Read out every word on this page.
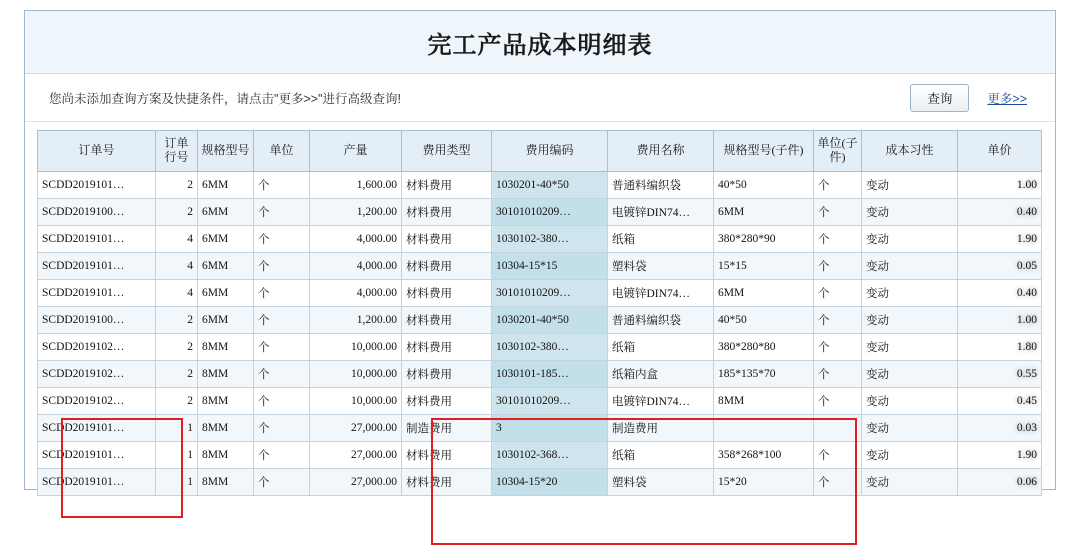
完工产品成本明细表
您尚未添加查询方案及快捷条件，请点击"更多>>"进行高级查询!	查询	更多>>
订单号	订单行号	规格型号	单位	产量	费用类型	费用编码	费用名称	规格型号(子件)	单位(子件)	成本习性	单价
SCDD2019101…	2	6MM	个	1,600.00	材料费用	1030201-40*50	普通料编织袋	40*50	个	变动	1.00
SCDD2019100…	2	6MM	个	1,200.00	材料费用	30101010209…	电镀锌DIN74…	6MM	个	变动	0.40
SCDD2019101…	4	6MM	个	4,000.00	材料费用	1030102-380…	纸箱	380*280*90	个	变动	1.90
SCDD2019101…	4	6MM	个	4,000.00	材料费用	10304-15*15	塑料袋	15*15	个	变动	0.05
SCDD2019101…	4	6MM	个	4,000.00	材料费用	30101010209…	电镀锌DIN74…	6MM	个	变动	0.40
SCDD2019100…	2	6MM	个	1,200.00	材料费用	1030201-40*50	普通料编织袋	40*50	个	变动	1.00
SCDD2019102…	2	8MM	个	10,000.00	材料费用	1030102-380…	纸箱	380*280*80	个	变动	1.80
SCDD2019102…	2	8MM	个	10,000.00	材料费用	1030101-185…	纸箱内盒	185*135*70	个	变动	0.55
SCDD2019102…	2	8MM	个	10,000.00	材料费用	30101010209…	电镀锌DIN74…	8MM	个	变动	0.45
SCDD2019101…	1	8MM	个	27,000.00	制造费用	3	制造费用			变动	0.03
SCDD2019101…	1	8MM	个	27,000.00	材料费用	1030102-368…	纸箱	358*268*100	个	变动	1.90
SCDD2019101…	1	8MM	个	27,000.00	材料费用	10304-15*20	塑料袋	15*20	个	变动	0.06
